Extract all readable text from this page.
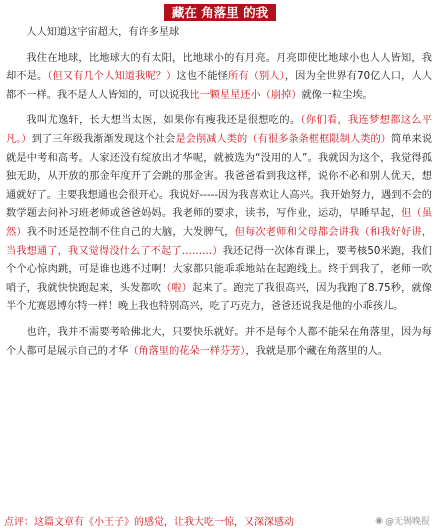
藏在 角落里 的我

人人知道这宇宙超大，有许多星球

我住在地球，比地球大的有太阳，比地球小的有月亮。月亮即使比地球小也人人皆知，我却不是。（但又有几个人知道我呢？）这也不能怪所有（别人），因为全世界有70亿人口，人人都不一样。我不是人人皆知的，可以说我比一颗星星还小（崩掉）就像一粒尘埃。

我叫尤逸轩，长大想当太医，如果你有瘦我还是很想吃的。（你们看，我连梦想都这么平凡。）到了三年级我渐渐发现这个社会是会削减人类的（有很多条条框框限制人类的）简单来说就是中考和高考。人家还没有绽放出才华呢，就被选为“没用的人”。我就因为这个，我觉得孤独无助，从开放的那金年度开了会跳的那金害。我爸爸看到我这样，说你不必和别人优天，想通就好了。主要我想通也会很开心。我说好-----因为我喜欢让人高兴。我开始努力，遇到不会的数学题去问补习班老师或爸爸妈妈。我老师的要求，读书，写作业，运动，早睡早起，但（虽然）我不时还是控制不住自己的大脑，大发脾气，但每次老师和父母都会讲我（和我好好讲，当我想通了，我又觉得没什么了不起了………）我还记得一次体育课上，要考核50米跑，我们个个心惊肉跳，可是谁也逃不过啊！大家都只能乖乖地站在起跑线上。终于到我了，老师一吹哨子，我就快快跑起来，头发都吹（啦）起来了。跑完了我很高兴，因为我跑了8.75秒，就像半个尤赛恩博尔特一样！晚上我也特别高兴，吃了巧克力，爸爸还说我是他的小乖孩儿。

也许，我并不需要考哈佛北大，只要快乐就好。并不是每个人都不能呆在角落里，因为每个人都可是展示自己的才华（角落里的花朵一样芬芳），我就是那个藏在角落里的人。

点评：这篇文章有《小王子》的感觉，让我大吃一惊，又深深感动	◉ @无锡晚报
